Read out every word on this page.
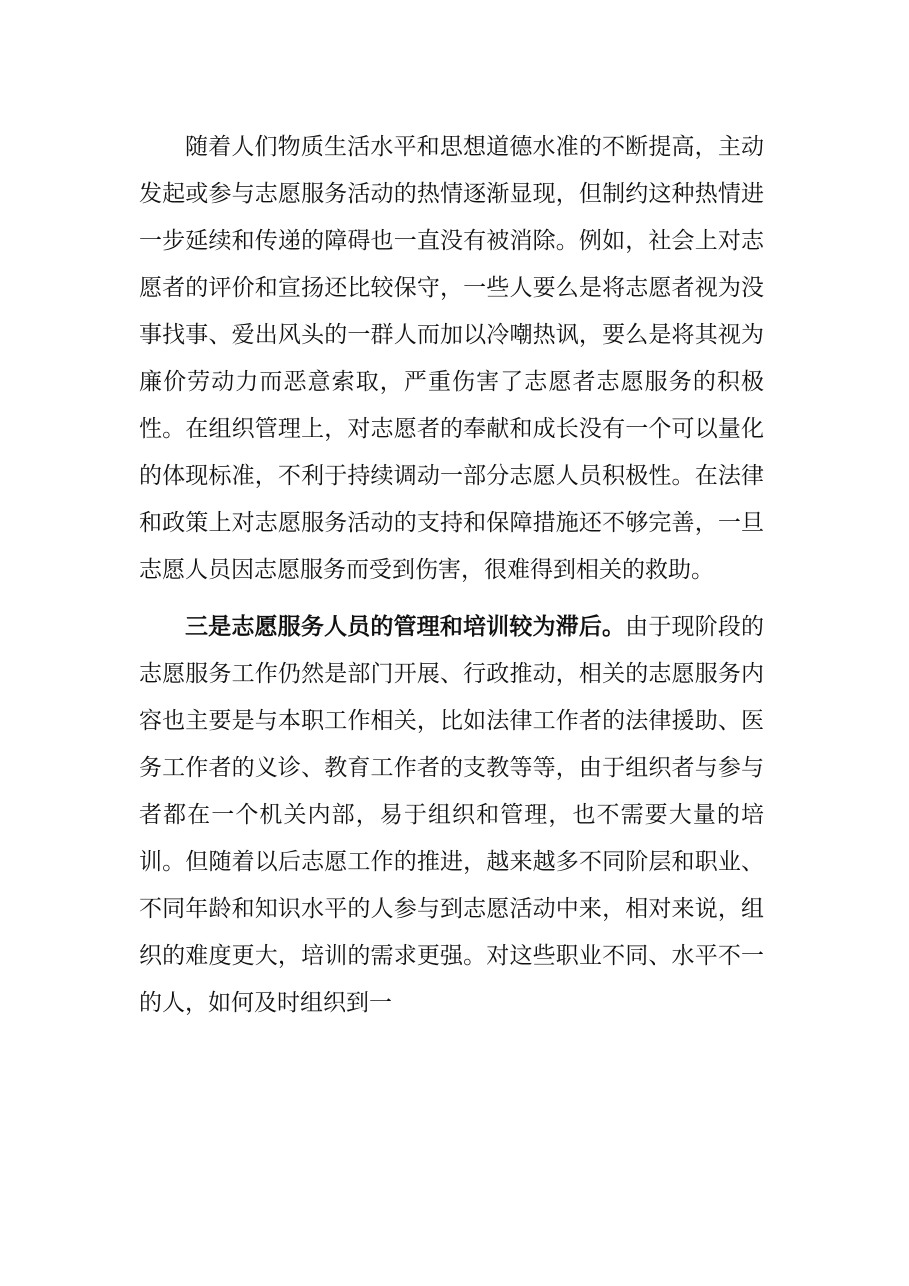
随着人们物质生活水平和思想道德水准的不断提高，主动发起或参与志愿服务活动的热情逐渐显现，但制约这种热情进一步延续和传递的障碍也一直没有被消除。例如，社会上对志愿者的评价和宣扬还比较保守，一些人要么是将志愿者视为没事找事、爱出风头的一群人而加以冷嘲热讽，要么是将其视为廉价劳动力而恶意索取，严重伤害了志愿者志愿服务的积极性。在组织管理上，对志愿者的奉献和成长没有一个可以量化的体现标准，不利于持续调动一部分志愿人员积极性。在法律和政策上对志愿服务活动的支持和保障措施还不够完善，一旦志愿人员因志愿服务而受到伤害，很难得到相关的救助。

三是志愿服务人员的管理和培训较为滞后。由于现阶段的志愿服务工作仍然是部门开展、行政推动，相关的志愿服务内容也主要是与本职工作相关，比如法律工作者的法律援助、医务工作者的义诊、教育工作者的支教等等，由于组织者与参与者都在一个机关内部，易于组织和管理，也不需要大量的培训。但随着以后志愿工作的推进，越来越多不同阶层和职业、不同年龄和知识水平的人参与到志愿活动中来，相对来说，组织的难度更大，培训的需求更强。对这些职业不同、水平不一的人，如何及时组织到一
